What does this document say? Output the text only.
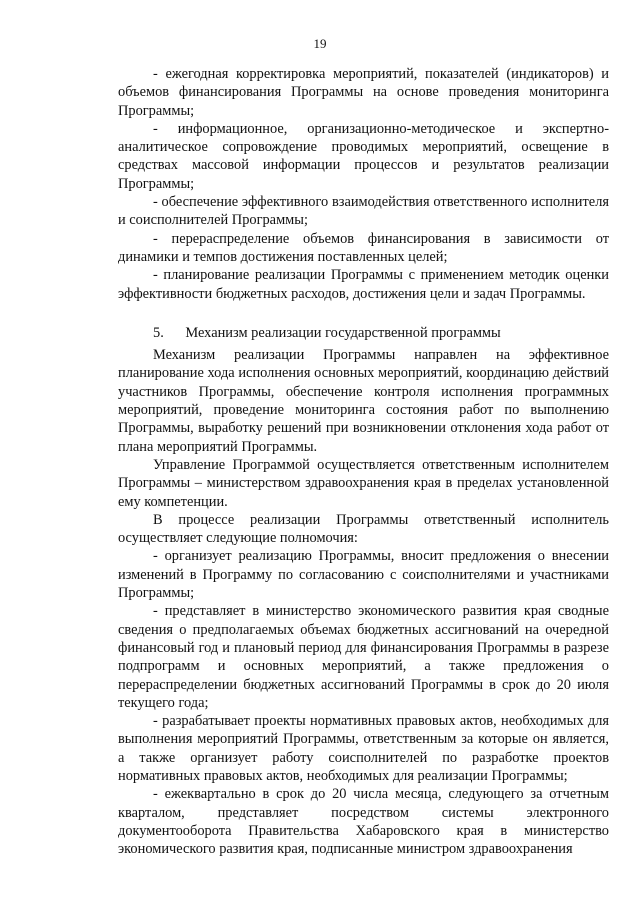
19

- ежегодная корректировка мероприятий, показателей (индикаторов) и объемов финансирования Программы на основе проведения мониторинга Программы;

- информационное, организационно-методическое и экспертно-аналитическое сопровождение проводимых мероприятий, освещение в средствах массовой информации процессов и результатов реализации Программы;

- обеспечение эффективного взаимодействия ответственного исполнителя и соисполнителей Программы;

- перераспределение объемов финансирования в зависимости от динамики и темпов достижения поставленных целей;

- планирование реализации Программы с применением методик оценки эффективности бюджетных расходов, достижения цели и задач Программы.

5.  Механизм реализации государственной программы

Механизм реализации Программы направлен на эффективное планирование хода исполнения основных мероприятий, координацию действий участников Программы, обеспечение контроля исполнения программных мероприятий, проведение мониторинга состояния работ по выполнению Программы, выработку решений при возникновении отклонения хода работ от плана мероприятий Программы.

Управление Программой осуществляется ответственным исполнителем Программы – министерством здравоохранения края в пределах установленной ему компетенции.

В процессе реализации Программы ответственный исполнитель осуществляет следующие полномочия:

- организует реализацию Программы, вносит предложения о внесении изменений в Программу по согласованию с соисполнителями и участниками Программы;

- представляет в министерство экономического развития края сводные сведения о предполагаемых объемах бюджетных ассигнований на очередной финансовый год и плановый период для финансирования Программы в разрезе подпрограмм и основных мероприятий, а также предложения о перераспределении бюджетных ассигнований Программы в срок до 20 июля текущего года;

- разрабатывает проекты нормативных правовых актов, необходимых для выполнения мероприятий Программы, ответственным за которые он является, а также организует работу соисполнителей по разработке проектов нормативных правовых актов, необходимых для реализации Программы;

- ежеквартально в срок до 20 числа месяца, следующего за отчетным кварталом, представляет посредством системы электронного документооборота Правительства Хабаровского края в министерство экономического развития края, подписанные министром здравоохранения
